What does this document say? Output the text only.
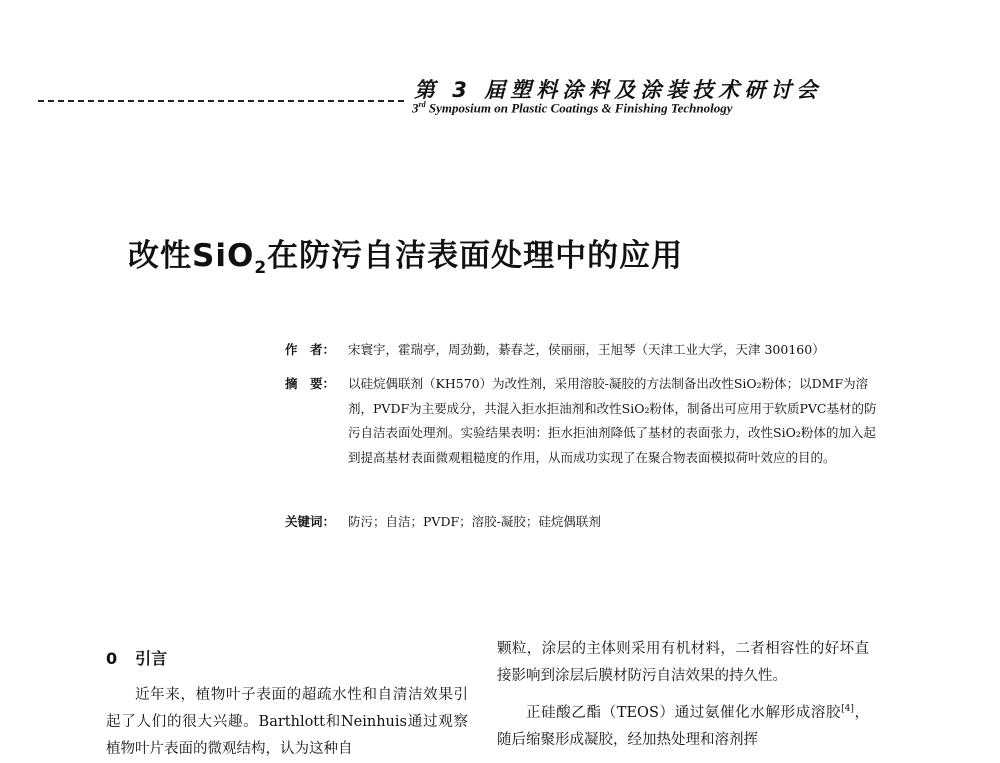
第 3 届塑料涂料及涂装技术研讨会
3rd Symposium on Plastic Coatings & Finishing Technology
改性SiO$_2$在防污自洁表面处理中的应用
作　者：	宋寰宇，霍瑞亭，周劲勤，綦春芝，侯丽丽，王旭琴（天津工业大学，天津 300160）
摘　要：	以硅烷偶联剂（KH570）为改性剂，采用溶胶-凝胶的方法制备出改性SiO₂粉体；以DMF为溶剂，PVDF为主要成分，共混入拒水拒油剂和改性SiO₂粉体，制备出可应用于软质PVC基材的防污自洁表面处理剂。实验结果表明：拒水拒油剂降低了基材的表面张力，改性SiO₂粉体的加入起到提高基材表面微观粗糙度的作用，从而成功实现了在聚合物表面模拟荷叶效应的目的。
关键词：	防污；自洁；PVDF；溶胶-凝胶；硅烷偶联剂
0 引言

近年来，植物叶子表面的超疏水性和自清洁效果引起了人们的很大兴趣。Barthlott和Neinhuis通过观察植物叶片表面的微观结构，认为这种自

颗粒，涂层的主体则采用有机材料，二者相容性的好坏直接影响到涂层后膜材防污自洁效果的持久性。

正硅酸乙酯（TEOS）通过氨催化水解形成溶胶[4]，随后缩聚形成凝胶，经加热处理和溶剂挥
